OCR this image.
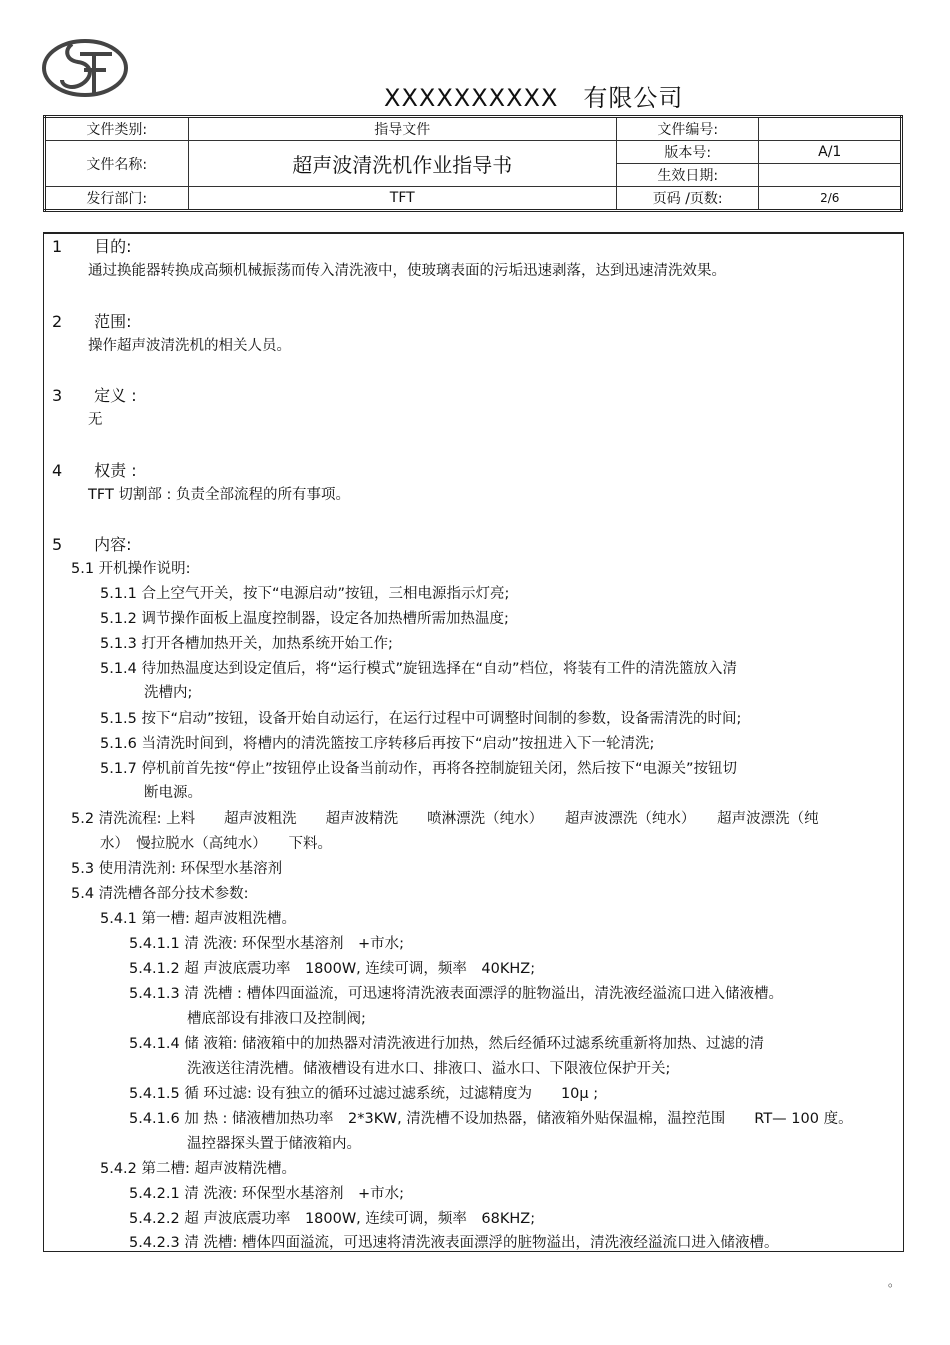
XXXXXXXXXX　有限公司
文件类别:	指导文件	文件编号:	
文件名称:	超声波清洗机作业指导书	版本号:	A/1
		生效日期:	
发行部门:	TFT	页码 /页数:	2/6
1　　目的:
通过换能器转换成高频机械振荡而传入清洗液中，使玻璃表面的污垢迅速剥落，达到迅速清洗效果。
2　　范围:
操作超声波清洗机的相关人员。
3　　定义 :
无
4　　权责 :
TFT 切割部 : 负责全部流程的所有事项。
5　　内容:
5.1 开机操作说明:
5.1.1 合上空气开关，按下“电源启动”按钮，三相电源指示灯亮;
5.1.2 调节操作面板上温度控制器，设定各加热槽所需加热温度;
5.1.3 打开各槽加热开关，加热系统开始工作;
5.1.4 待加热温度达到设定值后，将“运行模式”旋钮选择在“自动”档位，将装有工件的清洗篮放入清
洗槽内;
5.1.5 按下“启动”按钮，设备开始自动运行，在运行过程中可调整时间制的参数，设备需清洗的时间;
5.1.6 当清洗时间到，将槽内的清洗篮按工序转移后再按下“启动”按扭进入下一轮清洗;
5.1.7 停机前首先按“停止”按钮停止设备当前动作，再将各控制旋钮关闭，然后按下“电源关”按钮切
断电源。
5.2 清洗流程: 上料　　超声波粗洗　　超声波精洗　　喷淋漂洗（纯水）　　超声波漂洗（纯水）　　超声波漂洗（纯
水）　慢拉脱水（高纯水）　　下料。
5.3 使用清洗剂: 环保型水基溶剂
5.4 清洗槽各部分技术参数:
5.4.1 第一槽: 超声波粗洗槽。
5.4.1.1 清 洗液: 环保型水基溶剂　+市水;
5.4.1.2 超 声波底震功率　1800W, 连续可调，频率　40KHZ;
5.4.1.3 清 洗槽 : 槽体四面溢流，可迅速将清洗液表面漂浮的脏物溢出，清洗液经溢流口进入储液槽。
槽底部设有排液口及控制阀;
5.4.1.4 储 液箱: 储液箱中的加热器对清洗液进行加热，然后经循环过滤系统重新将加热、过滤的清
洗液送往清洗槽。储液槽设有进水口、排液口、溢水口、下限液位保护开关;
5.4.1.5 循 环过滤: 设有独立的循环过滤过滤系统，过滤精度为　　10μ ;
5.4.1.6 加 热 : 储液槽加热功率　2*3KW, 清洗槽不设加热器，储液箱外贴保温棉，温控范围　　RT— 100 度。
温控器探头置于储液箱内。
5.4.2 第二槽: 超声波精洗槽。
5.4.2.1 清 洗液: 环保型水基溶剂　+市水;
5.4.2.2 超 声波底震功率　1800W, 连续可调，频率　68KHZ;
5.4.2.3 清 洗槽: 槽体四面溢流，可迅速将清洗液表面漂浮的脏物溢出，清洗液经溢流口进入储液槽。
。
